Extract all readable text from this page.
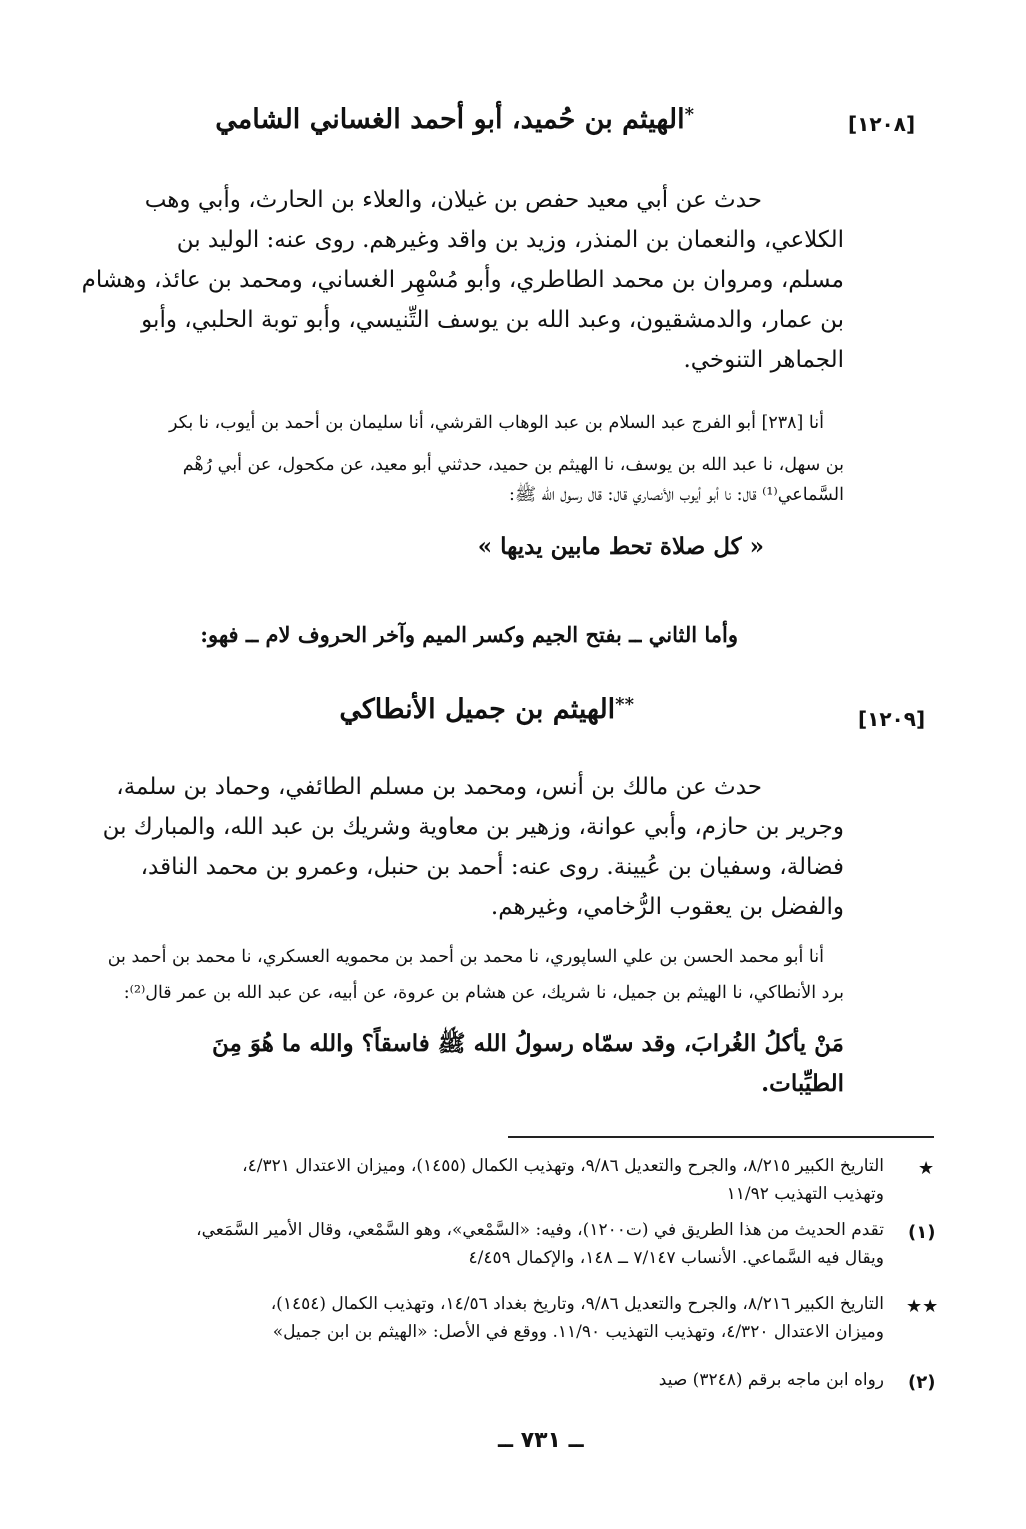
[١٢٠٨]
*الهيثم بن حُميد، أبو أحمد الغساني الشامي
حدث عن أبي معيد حفص بن غيلان، والعلاء بن الحارث، وأبي وهب
الكلاعي، والنعمان بن المنذر، وزيد بن واقد وغيرهم. روى عنه: الوليد بن
مسلم، ومروان بن محمد الطاطري، وأبو مُسْهِر الغساني، ومحمد بن عائذ، وهشام
بن عمار، والدمشقيون، وعبد الله بن يوسف التِّنيسي، وأبو توبة الحلبي، وأبو
الجماهر التنوخي.
أنا [٢٣٨] أبو الفرج عبد السلام بن عبد الوهاب القرشي، أنا سليمان بن أحمد بن أيوب، نا بكر
بن سهل، نا عبد الله بن يوسف، نا الهيثم بن حميد، حدثني أبو معيد، عن مكحول، عن أبي رُهْم
السَّماعي⁽¹⁾ قال: نا أبو أيوب الأنصاري قال: قال رسول الله ﷺ:
« كل صلاة تحط مابين يديها »
وأما الثاني ــ بفتح الجيم وكسر الميم وآخر الحروف لام ــ فهو:
[١٢٠٩]
**الهيثم بن جميل الأنطاكي
حدث عن مالك بن أنس، ومحمد بن مسلم الطائفي، وحماد بن سلمة،
وجرير بن حازم، وأبي عوانة، وزهير بن معاوية وشريك بن عبد الله، والمبارك بن
فضالة، وسفيان بن عُيينة. روى عنه: أحمد بن حنبل، وعمرو بن محمد الناقد،
والفضل بن يعقوب الرُّخامي، وغيرهم.
أنا أبو محمد الحسن بن علي الساپوري، نا محمد بن أحمد بن محمويه العسكري، نا محمد بن أحمد بن
برد الأنطاكي، نا الهيثم بن جميل، نا شريك، عن هشام بن عروة، عن أبيه، عن عبد الله بن عمر قال⁽²⁾:
مَنْ يأكلُ الغُرابَ، وقد سمّاه رسولُ الله ﷺ فاسقاً؟ والله ما هُوَ مِنَ
الطيِّبات.
★
التاريخ الكبير ٨/٢١٥، والجرح والتعديل ٩/٨٦، وتهذيب الكمال (١٤٥٥)، وميزان الاعتدال ٤/٣٢١،
وتهذيب التهذيب ١١/٩٢
(١)
تقدم الحديث من هذا الطريق في (ت١٢٠٠)، وفيه: «السَّمْعي»، وهو السَّمْعي، وقال الأمير السَّمَعي،
ويقال فيه السَّماعي. الأنساب ٧/١٤٧ ــ ١٤٨، والإكمال ٤/٤٥٩
★★
التاريخ الكبير ٨/٢١٦، والجرح والتعديل ٩/٨٦، وتاريخ بغداد ١٤/٥٦، وتهذيب الكمال (١٤٥٤)،
وميزان الاعتدال ٤/٣٢٠، وتهذيب التهذيب ١١/٩٠. ووقع في الأصل: «الهيثم بن ابن جميل»
(٢)
رواه ابن ماجه برقم (٣٢٤٨) صيد
ــ ٧٣١ ــ
